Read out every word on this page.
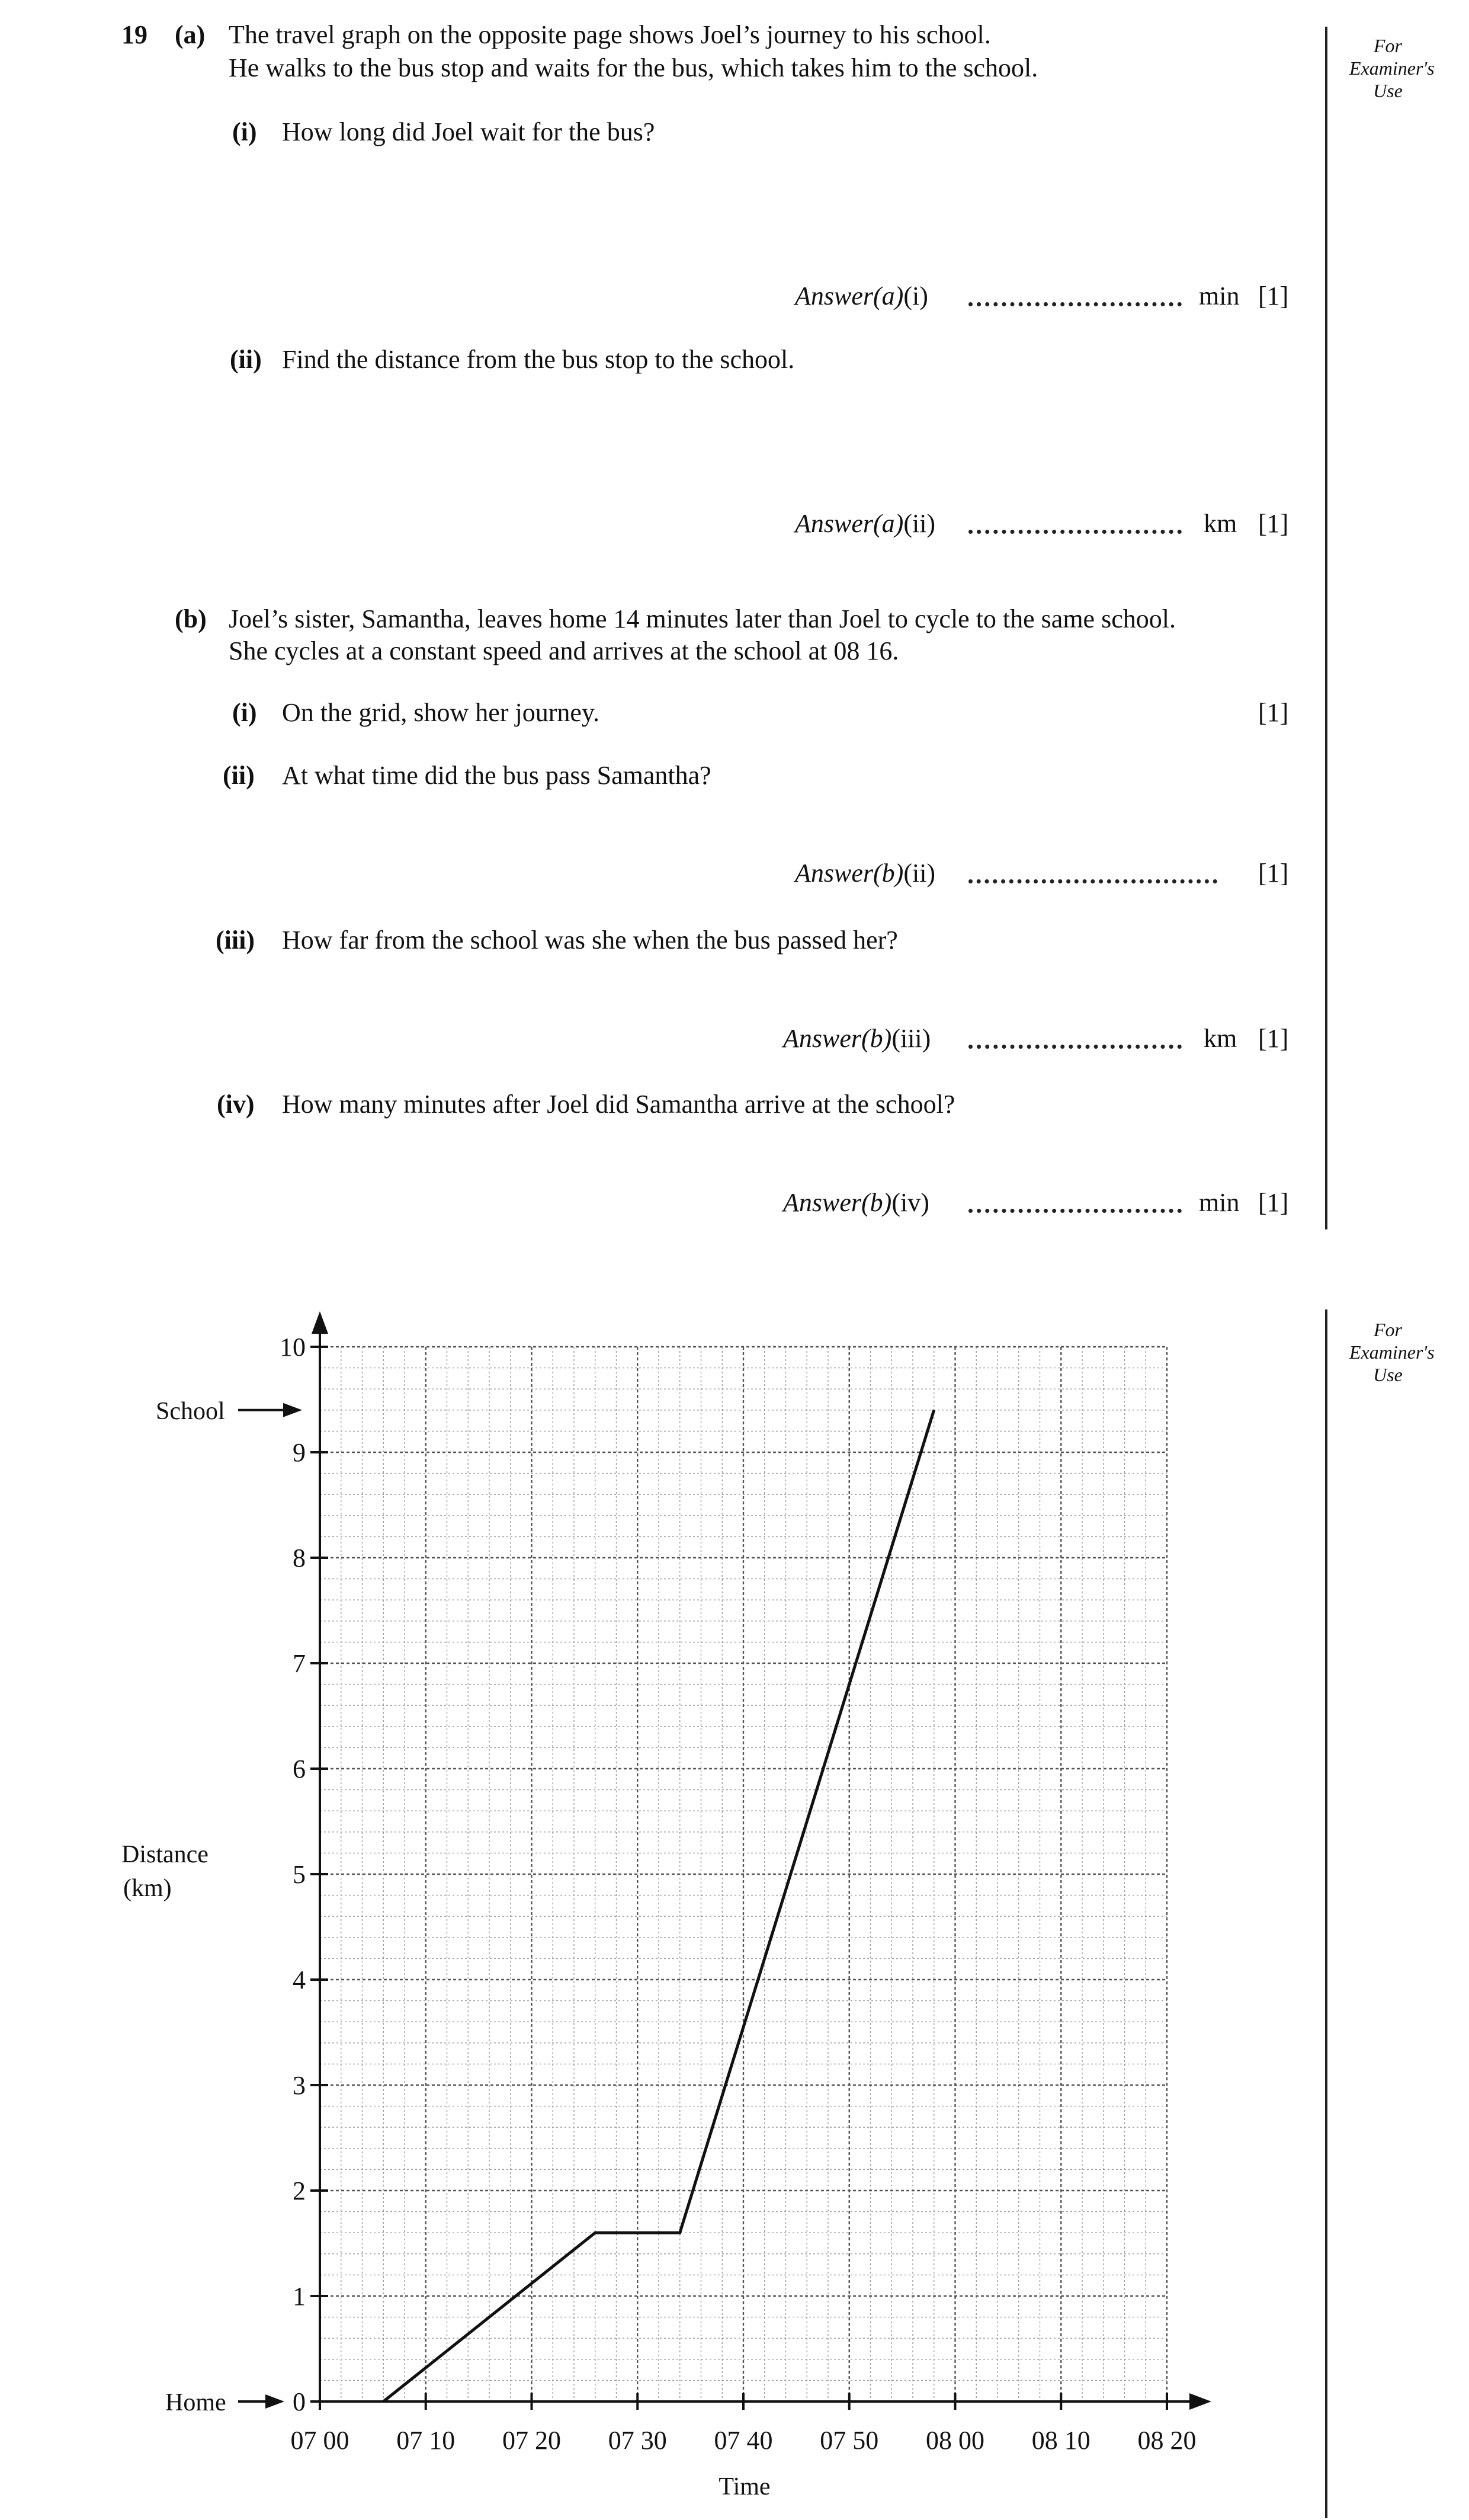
19 (a) The travel graph on the opposite page shows Joel’s journey to his school.
He walks to the bus stop and waits for the bus, which takes him to the school.
(i) How long did Joel wait for the bus?
Answer(a)(i)	min [1]
(ii) Find the distance from the bus stop to the school.
Answer(a)(ii)	km [1]
(b) Joel’s sister, Samantha, leaves home 14 minutes later than Joel to cycle to the same school.
She cycles at a constant speed and arrives at the school at 08 16.
(i) On the grid, show her journey.	[1]
(ii) At what time did the bus pass Samantha?
Answer(b)(ii)	[1]
(iii) How far from the school was she when the bus passed her?
Answer(b)(iii)	km [1]
(iv) How many minutes after Joel did Samantha arrive at the school?
Answer(b)(iv)	min [1]
For
Examiner's
Use
For
Examiner's
Use
07 00 07 10 07 20 07 30 07 40 07 50 08 00 08 10 08 20
0
1
2
3
4
5
6
7
8
9
10
Distance
(km)
Time
School
Home
